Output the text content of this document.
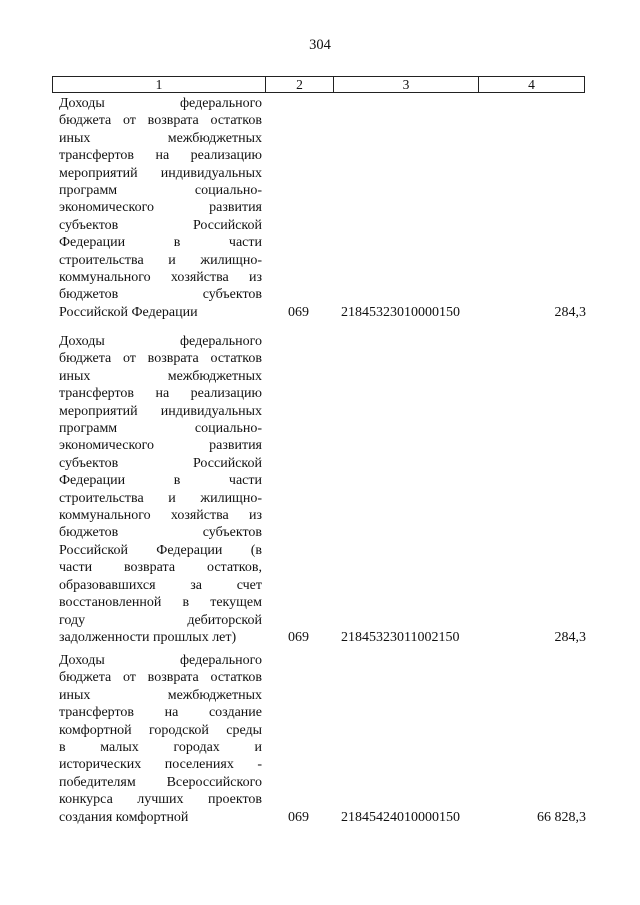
304
1	2	3	4
Доходы федерального
бюджета от возврата остатков
иных межбюджетных
трансфертов на реализацию
мероприятий индивидуальных
программ социально-
экономического развития
субъектов Российской
Федерации в части
строительства и жилищно-
коммунального хозяйства из
бюджетов субъектов
Российской Федерации	069	21845323010000150	284,3
Доходы федерального
бюджета от возврата остатков
иных межбюджетных
трансфертов на реализацию
мероприятий индивидуальных
программ социально-
экономического развития
субъектов Российской
Федерации в части
строительства и жилищно-
коммунального хозяйства из
бюджетов субъектов
Российской Федерации (в
части возврата остатков,
образовавшихся за счет
восстановленной в текущем
году дебиторской
задолженности прошлых лет)	069	21845323011002150	284,3
Доходы федерального
бюджета от возврата остатков
иных межбюджетных
трансфертов на создание
комфортной городской среды
в малых городах и
исторических поселениях -
победителям Всероссийского
конкурса лучших проектов
создания комфортной	069	21845424010000150	66 828,3
